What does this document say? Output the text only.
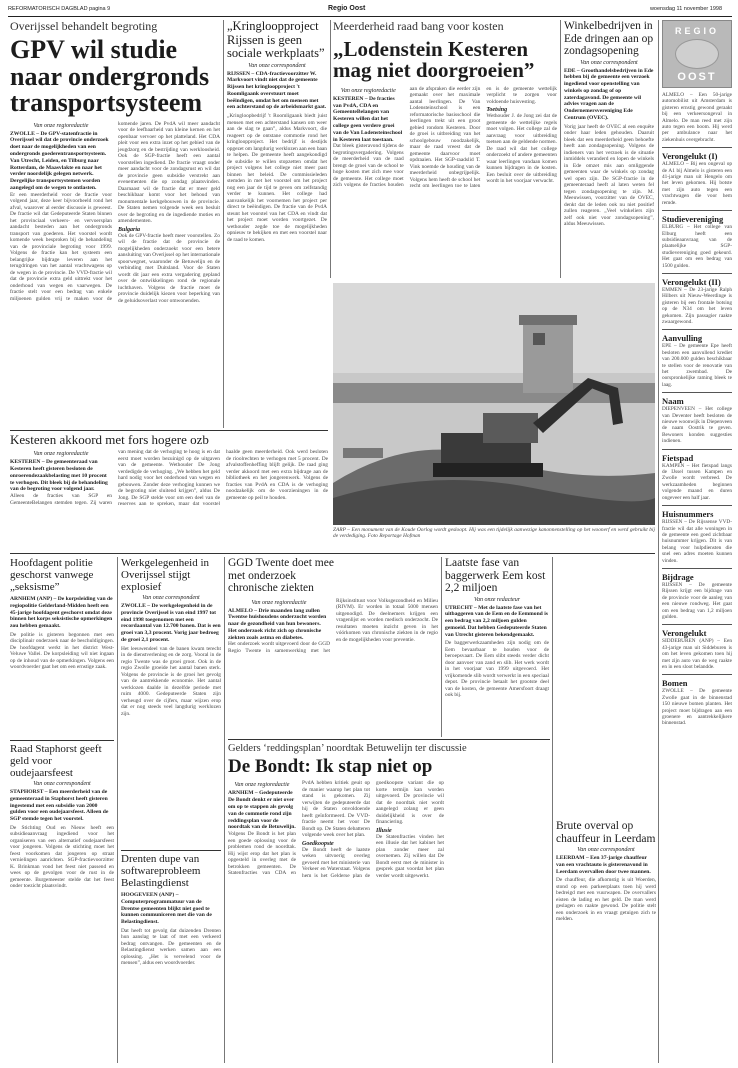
REFORMATORISCH DAGBLAD pagina 9	Regio Oost	woensdag 11 november 1998
Overijssel behandelt begroting
GPV wil studie naar ondergronds transportsysteem
Van onze regioredactie
ZWOLLE – De GPV-statenfractie in Overijssel wil dat de provincie onderzoek doet naar de mogelijkheden van een ondergronds goederentransportsysteem. Van Utrecht, Leiden, en Tilburg naar Rotterdam, de Maasvlakte en naar het verder noordelijk gelegen netwerk. Dergelijke transportsystemen worden aangelegd om de wegen te ontlasten.
Er een meerderheid voor de fractie voor volgend jaar, deze keer bijvoorbeeld rond het afval, waarover al eerder discussie is geweest. De fractie wil dat Gedeputeerde Staten binnen het provinciaal verkeers- en vervoersplan aandacht besteden aan het ondergronds transport van goederen. Het voorstel wordt komende week besproken bij de behandeling van de provinciale begroting voor 1999. Volgens de fractie kan het systeem een belangrijke bijdrage leveren aan het terugdringen van het aantal vrachtwagens op de wegen in de provincie. De VVD-fractie wil dat de provincie extra geld uittrekt voor het onderhoud van wegen en vaarwegen. De fractie stelt voor een bedrag van enkele miljoenen gulden vrij te maken voor de komende jaren. De PvdA wil meer aandacht voor de leefbaarheid van kleine kernen en het openbaar vervoer op het platteland. Het CDA pleit voor een extra inzet op het gebied van de jeugdzorg en de bestrijding van werkloosheid. Ook de SGP-fractie heeft een aantal voorstellen ingediend. De fractie vraagt onder meer aandacht voor de zondagsrust en wil dat de provincie geen subsidie verstrekt aan evenementen die op zondag plaatsvinden. Daarnaast wil de fractie dat er meer geld beschikbaar komt voor het behoud van monumentale kerkgebouwen in de provincie. De Staten nemen volgende week een besluit over de begroting en de ingediende moties en amendementen.
Bulgaria
Ook de GPV-fractie heeft meer voorstellen. Zo wil de fractie dat de provincie de mogelijkheden onderzoekt voor een betere aansluiting van Overijssel op het internationale spoorwegnet, waaronder de Betuwelijn en de verbinding met Duitsland. Voor de Staten wordt dit jaar een extra vergadering gepland over de ontwikkelingen rond de regionale luchthaven. Volgens de fractie moet de provincie duidelijk kiezen voor beperking van de geluidsoverlast voor omwonenden.
„Kringloopproject Rijssen is geen sociale werkplaats”
Van onze correspondent
RIJSSEN – CDA-fractievoorzitter W. Markvoort vindt niet dat de gemeente Rijssen het kringloopproject 't Roomligaank overstuurt moet beëindigen, omdat het om mensen met een achterstand op de arbeidsmarkt gaat.
„Kringloopbedrijf 't Roomligaank biedt juist mensen met een achterstand kansen om weer aan de slag te gaan”, aldus Markvoort, die reageert op de ontstane commotie rond het kringloopproject. Het bedrijf is destijds opgezet om langdurig werklozen aan een baan te helpen. De gemeente heeft aangekondigd de subsidie te willen stopzetten omdat het project volgens het college niet meer past binnen het beleid. De commissieleden stemden in met het voorstel om het project nog een jaar de tijd te geven om zelfstandig verder te kunnen. Het college had aanvankelijk het voornemen het project per direct te beëindigen. De fractie van de PvdA steunt het voorstel van het CDA en vindt dat het project moet worden voortgezet. De wethouder zegde toe de mogelijkheden opnieuw te bekijken en met een voorstel naar de raad te komen.
Meerderheid raad bang voor kosten
„Lodenstein Kesteren mag niet doorgroeien”
Van onze regioredactie
KESTEREN – De fracties van PvdA, CDA en GemeenteBelangen van Kesteren willen dat het college geen verdere groei van de Van Lodensteinschool in Kesteren laat toestaan.
Dat bleek gisteravond tijdens de begrotingsvergadering. Volgens de meerderheid van de raad brengt de groei van de school te hoge kosten met zich mee voor de gemeente. Het college moet zich volgens de fracties houden aan de afspraken die eerder zijn gemaakt over het maximale aantal leerlingen. De Van Lodensteinschool is een reformatorische basisschool die leerlingen trekt uit een groot gebied rondom Kesteren. Door de groei is uitbreiding van het schoolgebouw noodzakelijk, maar de raad vreest dat de gemeente daarvoor moet opdraaien. Het SGP-raadslid T. Vink noemde de houding van de meerderheid onbegrijpelijk. Volgens hem heeft de school het recht om leerlingen toe te laten en is de gemeente wettelijk verplicht te zorgen voor voldoende huisvesting.
Toetsing
Wethouder J. de Jong zei dat de gemeente de wettelijke regels moet volgen. Het college zal de aanvraag voor uitbreiding toetsen aan de geldende normen. De raad wil dat het college onderzoekt of andere gemeenten waar leerlingen vandaan komen kunnen bijdragen in de kosten. Een besluit over de uitbreiding wordt in het voorjaar verwacht.
Winkelbedrijven in Ede dringen aan op zondagsopening
Van onze correspondent
EDE – Groothandelsbedrijven in Ede hebben bij de gemeente een verzoek ingediend voor openstelling van winkels op zondag of op zaterdagavond. De gemeente wil advies vragen aan de Ondernemersvereniging Ede Centrum (OVEC).
Vorig jaar heeft de OVEC al een enquête onder haar leden gehouden. Daaruit bleek dat een meerderheid geen behoefte heeft aan zondagsopening. Volgens de indieners van het verzoek is de situatie inmiddels veranderd en lopen de winkels in Ede omzet mis aan omliggende gemeenten waar de winkels op zondag wel open zijn. De SGP-fractie in de gemeenteraad heeft al laten weten fel tegen zondagsopening te zijn. M. Meeuwissen, voorzitter van de OVEC, denkt dat de leden ook nu niet positief zullen reageren. „Veel winkeliers zijn zelf ook niet voor zondagsopening”, aldus Meeuwissen.
ZARP – Een monument van de Koude Oorlog wordt gesloopt. Hij was een tijdelijk aanwezige kanonnenstelling op het woonerf en werd gebruikt bij de verdediging. Foto Reportage Hofman
Kesteren akkoord met fors hogere ozb
Van onze regioredactie
KESTEREN – De gemeenteraad van Kesteren heeft gisteren besloten de onroerendezaakbelasting met 10 procent te verhogen. Dit bleek bij de behandeling van de begroting voor volgend jaar.
Alleen de fracties van SGP en GemeenteBelangen stemden tegen. Zij waren van mening dat de verhoging te hoog is en dat eerst moet worden bezuinigd op de uitgaven van de gemeente. Wethouder De Jong verdedigde de verhoging. „We hebben het geld hard nodig voor het onderhoud van wegen en gebouwen. Zonder deze verhoging kunnen we de begroting niet sluitend krijgen”, aldus De Jong. De SGP stelde voor om een deel van de reserves aan te spreken, maar dat voorstel haalde geen meerderheid. Ook werd besloten de rioolrechten te verhogen met 5 procent. De afvalstoffenheffing blijft gelijk. De raad ging verder akkoord met een extra bijdrage aan de bibliotheek en het jongerenwerk. Volgens de fracties van PvdA en CDA is de verhoging noodzakelijk om de voorzieningen in de gemeente op peil te houden.
Hoofdagent politie geschorst vanwege „seksisme”
ARNHEM (ANP) – De korpsleiding van de regiopolitie Gelderland-Midden heeft een 45-jarige hoofdagent geschorst omdat deze binnen het korps seksistische opmerkingen zou hebben gemaakt.
De politie is gisteren begonnen met een disciplinair onderzoek naar de beschuldigingen. De hoofdagent werkt in het district West-Veluwe Vallei. De korpsleiding wil niet ingaan op de inhoud van de opmerkingen. Volgens een woordvoerder gaat het om een ernstige zaak.
Raad Staphorst geeft geld voor oudejaarsfeest
Van onze correspondent
STAPHORST – Een meerderheid van de gemeenteraad in Staphorst heeft gisteren ingestemd met een subsidie van 2000 gulden voor een oudejaarsfeest. Alleen de SGP stemde tegen het voorstel.
De Stichting Oud en Nieuw heeft een subsidieaanvraag ingediend voor het organiseren van een alternatief oudejaarsfeest voor jongeren. Volgens de stichting moet het feest voorkomen dat jongeren op straat vernielingen aanrichten. SGP-fractievoorzitter K. Brinkman vond het feest niet passend en wees op de gevolgen voor de rust in de gemeente. Burgemeester stelde dat het feest onder toezicht plaatsvindt.
Werkgelegenheid in Overijssel stijgt explosief
Van onze correspondent
ZWOLLE – De werkgelegenheid in de provincie Overijssel is van eind 1997 tot eind 1998 toegenomen met een recordaantal van 12.700 banen. Dat is een groei van 3,3 procent. Vorig jaar bedroeg de groei 2,1 procent.
Het leeuwendeel van de banen kwam terecht in de dienstverlening en de zorg. Vooral in de regio Twente was de groei groot. Ook in de regio Zwolle groeide het aantal banen sterk. Volgens de provincie is de groei het gevolg van de aantrekkende economie. Het aantal werklozen daalde in dezelfde periode met ruim 4000. Gedeputeerde Staten zijn verheugd over de cijfers, maar wijzen erop dat er nog steeds veel langdurig werklozen zijn.
Drenten dupe van softwareprobleem Belastingdienst
HOOGEVEEN (ANP) – Computerprogrammatuur van de Drentse gemeenten blijkt niet goed te kunnen communiceren met die van de Belastingdienst.
Dat heeft tot gevolg dat duizenden Drenten hun aanslag te laat of met een verkeerd bedrag ontvangen. De gemeenten en de Belastingdienst werken samen aan een oplossing. „Het is vervelend voor de mensen”, aldus een woordvoerder.
GGD Twente doet mee met onderzoek chronische ziekten
Van onze regioredactie
ALMELO – Drie maanden lang zullen Twentse huishoudens onderzocht worden naar de gezondheid van hun bewoners. Het onderzoek richt zich op chronische ziekten zoals astma en diabetes.
Het onderzoek wordt uitgevoerd door de GGD Regio Twente in samenwerking met het Rijksinstituut voor Volksgezondheid en Milieu (RIVM). Er worden in totaal 5000 mensen uitgenodigd. De deelnemers krijgen een vragenlijst en worden medisch onderzocht. De resultaten moeten inzicht geven in het vóórkomen van chronische ziekten in de regio en de mogelijkheden voor preventie.
Laatste fase van baggerwerk Eem kost 2,2 miljoen
Van onze redacteur
UTRECHT – Met de laatste fase van het uitbaggeren van de Eem en de Eemmond is een bedrag van 2,2 miljoen gulden gemoeid. Dat hebben Gedeputeerde Staten van Utrecht gisteren bekendgemaakt.
De baggerwerkzaamheden zijn nodig om de Eem bevaarbaar te houden voor de beroepsvaart. De Eem slibt steeds verder dicht door aanvoer van zand en slib. Het werk wordt in het voorjaar van 1999 uitgevoerd. Het vrijkomende slib wordt verwerkt in een speciaal depot. De provincie betaalt het grootste deel van de kosten, de gemeente Amersfoort draagt ook bij.
Gelders ‘reddingsplan’ noordtak Betuwelijn ter discussie
De Bondt: Ik stap niet op
Van onze regioredactie
ARNHEM – Gedeputeerde De Bondt denkt er niet over om op te stappen als gevolg van de commotie rond zijn reddingsplan voor de noordtak van de Betuwelijn.
Volgens De Bondt is het plan een goede oplossing voor de problemen rond de noordtak. Hij wijst erop dat het plan is opgesteld in overleg met de betrokken gemeenten. De Statenfracties van CDA en PvdA hebben kritiek geuit op de manier waarop het plan tot stand is gekomen. Zij verwijten de gedeputeerde dat hij de Staten onvoldoende heeft geïnformeerd. De VVD-fractie neemt het voor De Bondt op. De Staten debatteren volgende week over het plan.
Goedkoopste
De Bondt heeft de laatste weken uitvoerig overleg gevoerd met het ministerie van Verkeer en Waterstaat. Volgens hem is het Gelderse plan de goedkoopste variant die op korte termijn kan worden uitgevoerd. De provincie wil dat de noordtak niet wordt aangelegd zolang er geen duidelijkheid is over de financiering.
Illusie
De Statenfracties vinden het een illusie dat het kabinet het plan zonder meer zal overnemen. Zij willen dat De Bondt eerst met de minister in gesprek gaat voordat het plan verder wordt uitgewerkt.
Brute overval op chauffeur in Leerdam
Van onze correspondent
LEERDAM – Een 37-jarige chauffeur van een vrachtauto is gisterenavond in Leerdam overvallen door twee mannen.
De chauffeur, die afkomstig is uit Woerden, stond op een parkeerplaats toen hij werd bedreigd met een vuurwapen. De overvallers eisten de lading en het geld. De man werd geslagen en raakte gewond. De politie stelt een onderzoek in en vraagt getuigen zich te melden.
REGIO
OOST

ALMELO – Een 50-jarige automobilist uit Amsterdam is gisteren ernstig gewond geraakt bij een verkeersongeval in Almelo. De man reed met zijn auto tegen een boom. Hij werd per ambulance naar het ziekenhuis overgebracht.

Verongelukt (I)

ALMELO – Bij een ongeval op de A1 bij Almelo is gisteren een 41-jarige man uit Hengelo om het leven gekomen. Hij botste met zijn auto tegen een vrachtwagen die voor hem remde.

Studievereniging

ELBURG – Het college van Elburg heeft een subsidieaanvraag van de plaatselijke SGP-studievereniging goed gekeurd. Het gaat om een bedrag van 1500 gulden.

Verongelukt (II)

EMMEN – De 23-jarige Ralph Hilbers uit Nieuw-Weerdinge is gisteren bij een frontale botsing op de N34 om het leven gekomen. Zijn passagier raakte zwaargewond.

Aanvulling

EPE – De gemeente Epe heeft besloten een aanvullend krediet van 200.000 gulden beschikbaar te stellen voor de renovatie van het zwembad. De oorspronkelijke raming bleek te laag.

Naam

DIEPENVEEN – Het college van Deventer heeft besloten de nieuwe woonwijk in Diepenveen de naam Oostrik te geven. Bewoners konden suggesties indienen.

Fietspad

KAMPEN – Het fietspad langs de IJssel tussen Kampen en Zwolle wordt verbreed. De werkzaamheden beginnen volgende maand en duren ongeveer een half jaar.

Huisnummers

RIJSSEN – De Rijssense VVD-fractie wil dat alle woningen in de gemeente een goed zichtbaar huisnummer krijgen. Dit is van belang voor hulpdiensten die snel een adres moeten kunnen vinden.

Bijdrage

RIJSSEN – De gemeente Rijssen krijgt een bijdrage van de provincie voor de aanleg van een nieuwe rondweg. Het gaat om een bedrag van 1,2 miljoen gulden.

Verongelukt

SIDDEBUREN (ANP) – Een 43-jarige man uit Siddeburen is om het leven gekomen toen hij met zijn auto van de weg raakte en in een sloot belandde.

Bomen

ZWOLLE – De gemeente Zwolle gaat in de binnenstad 150 nieuwe bomen planten. Het project moet bijdragen aan een groenere en aantrekkelijkere binnenstad.
